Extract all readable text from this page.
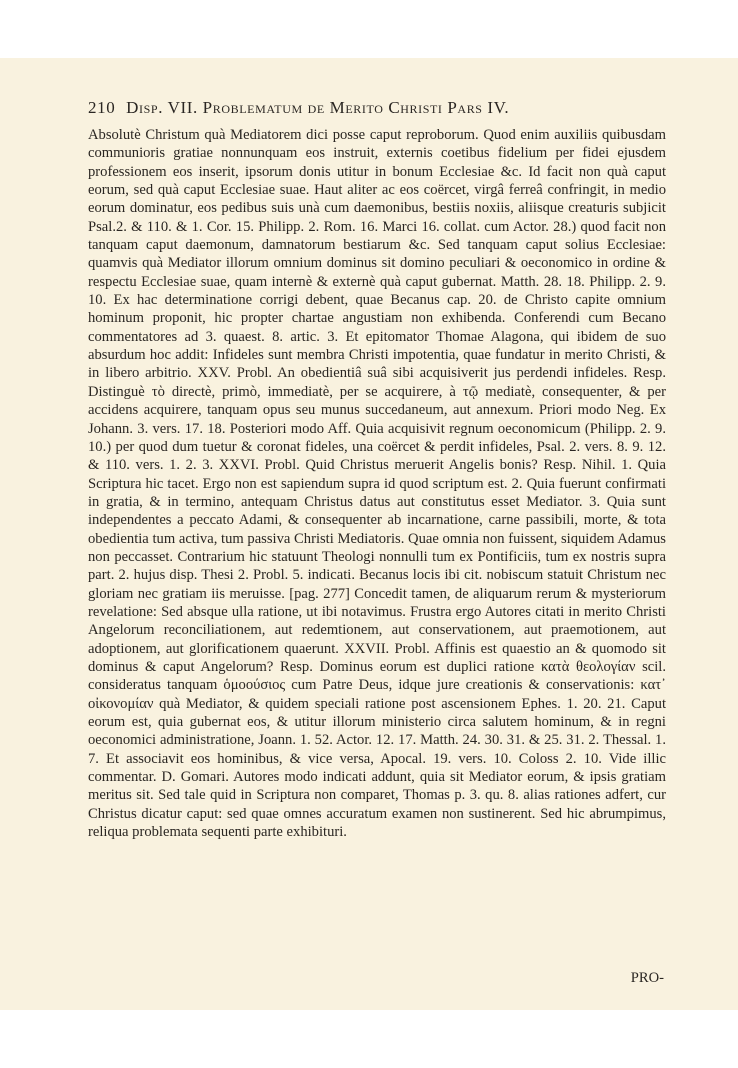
210 Disp. VII. Problematum de Merito Christi Pars IV.

Absolutè Christum quà Mediatorem dici posse caput reproborum. Quod enim auxiliis quibusdam communioris gratiae nonnunquam eos instruit, externis coetibus fidelium per fidei ejusdem professionem eos inserit, ipsorum donis utitur in bonum Ecclesiae &c. Id facit non quà caput eorum, sed quà caput Ecclesiae suae. Haut aliter ac eos coërcet, virgâ ferreâ confringit, in medio eorum dominatur, eos pedibus suis unà cum daemonibus, bestiis noxiis, aliisque creaturis subjicit Psal.2. & 110. & 1. Cor. 15. Philipp. 2. Rom. 16. Marci 16. collat. cum Actor. 28.) quod facit non tanquam caput daemonum, damnatorum bestiarum &c. Sed tanquam caput solius Ecclesiae: quamvis quà Mediator illorum omnium dominus sit domino peculiari & oeconomico in ordine & respectu Ecclesiae suae, quam internè & externè quà caput gubernat. Matth. 28. 18. Philipp. 2. 9. 10. Ex hac determinatione corrigi debent, quae Becanus cap. 20. de Christo capite omnium hominum proponit, hic propter chartae angustiam non exhibenda. Conferendi cum Becano commentatores ad 3. quaest. 8. artic. 3. Et epitomator Thomae Alagona, qui ibidem de suo absurdum hoc addit: Infideles sunt membra Christi impotentia, quae fundatur in merito Christi, & in libero arbitrio. XXV. Probl. An obedientiâ suâ sibi acquisiverit jus perdendi infideles. Resp. Distinguè τὸ directè, primò, immediatè, per se acquirere, à τῷ mediatè, consequenter, & per accidens acquirere, tanquam opus seu munus succedaneum, aut annexum. Priori modo Neg. Ex Johann. 3. vers. 17. 18. Posteriori modo Aff. Quia acquisivit regnum oeconomicum (Philipp. 2. 9. 10.) per quod dum tuetur & coronat fideles, una coërcet & perdit infideles, Psal. 2. vers. 8. 9. 12. & 110. vers. 1. 2. 3. XXVI. Probl. Quid Christus meruerit Angelis bonis? Resp. Nihil. 1. Quia Scriptura hic tacet. Ergo non est sapiendum supra id quod scriptum est. 2. Quia fuerunt confirmati in gratia, & in termino, antequam Christus datus aut constitutus esset Mediator. 3. Quia sunt independentes a peccato Adami, & consequenter ab incarnatione, carne passibili, morte, & tota obedientia tum activa, tum passiva Christi Mediatoris. Quae omnia non fuissent, siquidem Adamus non peccasset. Contrarium hic statuunt Theologi nonnulli tum ex Pontificiis, tum ex nostris supra part. 2. hujus disp. Thesi 2. Probl. 5. indicati. Becanus locis ibi cit. nobiscum statuit Christum nec gloriam nec gratiam iis meruisse. [pag. 277] Concedit tamen, de aliquarum rerum & mysteriorum revelatione: Sed absque ulla ratione, ut ibi notavimus. Frustra ergo Autores citati in merito Christi Angelorum reconciliationem, aut redemtionem, aut conservationem, aut praemotionem, aut adoptionem, aut glorificationem quaerunt. XXVII. Probl. Affinis est quaestio an & quomodo sit dominus & caput Angelorum? Resp. Dominus eorum est duplici ratione κατὰ θεολογίαν scil. consideratus tanquam ὁμοούσιος cum Patre Deus, idque jure creationis & conservationis: κατ᾽ οἰκονομίαν quà Mediator, & quidem speciali ratione post ascensionem Ephes. 1. 20. 21. Caput eorum est, quia gubernat eos, & utitur illorum ministerio circa salutem hominum, & in regni oeconomici administratione, Joann. 1. 52. Actor. 12. 17. Matth. 24. 30. 31. & 25. 31. 2. Thessal. 1. 7. Et associavit eos hominibus, & vice versa, Apocal. 19. vers. 10. Coloss 2. 10. Vide illic commentar. D. Gomari. Autores modo indicati addunt, quia sit Mediator eorum, & ipsis gratiam meritus sit. Sed tale quid in Scriptura non comparet, Thomas p. 3. qu. 8. alias rationes adfert, cur Christus dicatur caput: sed quae omnes accuratum examen non sustinerent. Sed hic abrumpimus, reliqua problemata sequenti parte exhibituri.

PRO-
